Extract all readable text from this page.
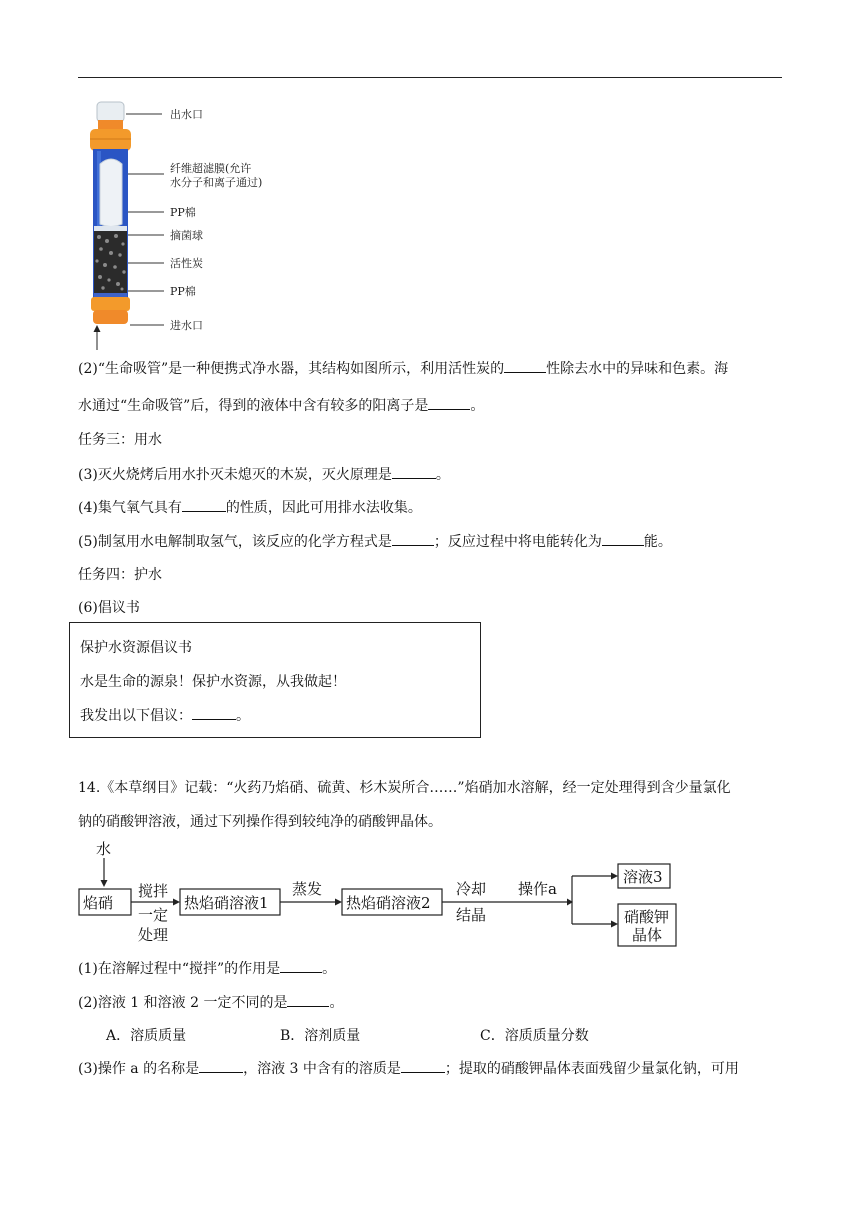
出水口
纤维超滤膜(允许
水分子和离子通过)
PP棉
摘菌球
活性炭
PP棉
进水口
(2)“生命吸管”是一种便携式净水器，其结构如图所示，利用活性炭的	性除去水中的异味和色素。海
水通过“生命吸管”后，得到的液体中含有较多的阳离子是	。
任务三：用水
(3)灭火烧烤后用水扑灭未熄灭的木炭，灭火原理是	。
(4)集气氧气具有	的性质，因此可用排水法收集。
(5)制氢用水电解制取氢气，该反应的化学方程式是	；反应过程中将电能转化为	能。
任务四：护水
(6)倡议书
保护水资源倡议书
水是生命的源泉！保护水资源，从我做起！
我发出以下倡议：	。
14.《本草纲目》记载：“火药乃焰硝、硫黄、杉木炭所合……”焰硝加水溶解，经一定处理得到含少量氯化
钠的硝酸钾溶液，通过下列操作得到较纯净的硝酸钾晶体。
水
焰硝
搅拌
一定
处理
热焰硝溶液1
蒸发
热焰硝溶液2
冷却
结晶
操作a
溶液3
硝酸钾
晶体
(1)在溶解过程中“搅拌”的作用是	。
(2)溶液 1 和溶液 2 一定不同的是	。
A．溶质质量	B．溶剂质量	C．溶质质量分数
(3)操作 a 的名称是	，溶液 3 中含有的溶质是	；提取的硝酸钾晶体表面残留少量氯化钠，可用
